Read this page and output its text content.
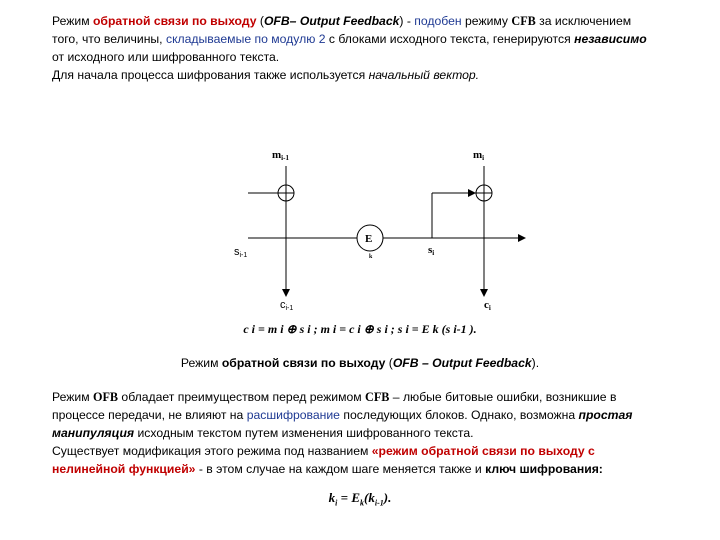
Режим обратной связи по выходу (OFB– Output Feedback) - подобен режиму CFB за исключением
того, что величины, складываемые по модулю 2 с блоками исходного текста, генерируются независимо
от исходного или шифрованного текста.
Для начала процесса шифрования также используется начальный вектор.
mi-1	mi
si
ci
E
k
si-1
ci-1
c i = m i ⊕ s i ; m i = c i ⊕ s i ; s i = E k (s i-1 ).
Режим обратной связи по выходу (OFB – Output Feedback).
Режим OFB обладает преимуществом перед режимом CFB – любые битовые ошибки, возникшие в
процессе передачи, не влияют на расшифрование последующих блоков. Однако, возможна простая
манипуляция исходным текстом путем изменения шифрованного текста.
Существует модификация этого режима под названием «режим обратной связи по выходу с
нелинейной функцией» - в этом случае на каждом шаге меняется также и ключ шифрования:
$k_i = E_k(k_{i-1})$.
